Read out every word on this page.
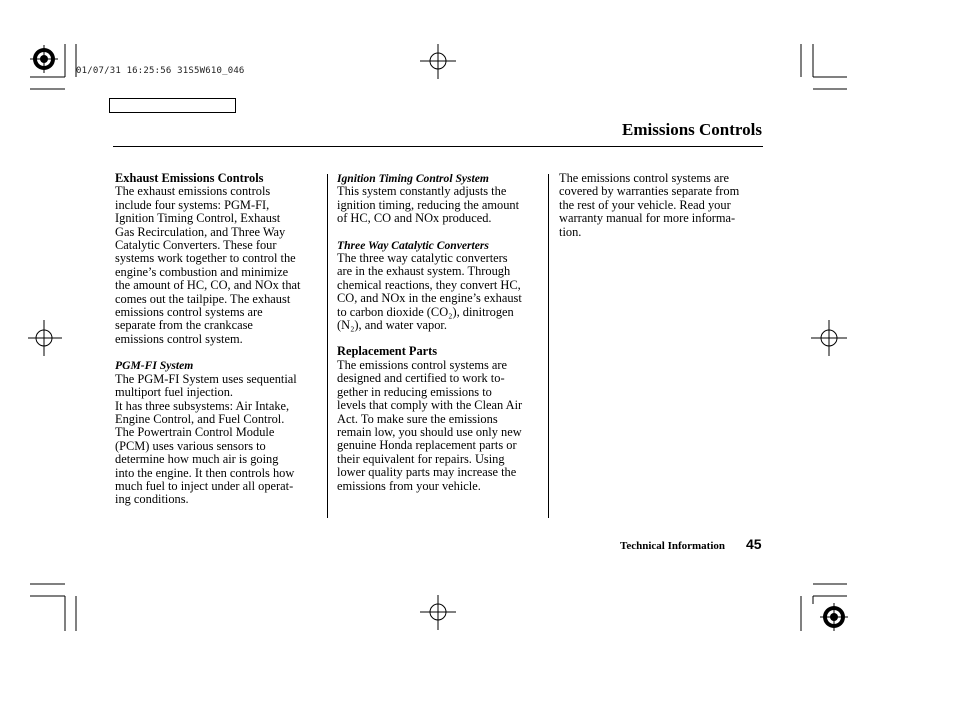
01/07/31 16:25:56 31S5W610_046
Emissions Controls

Exhaust Emissions Controls

The exhaust emissions controls
include four systems: PGM-FI,
Ignition Timing Control, Exhaust
Gas Recirculation, and Three Way
Catalytic Converters. These four
systems work together to control the
engine’s combustion and minimize
the amount of HC, CO, and NOx that
comes out the tailpipe. The exhaust
emissions control systems are
separate from the crankcase
emissions control system.

PGM-FI System

The PGM-FI System uses sequential
multiport fuel injection.
It has three subsystems: Air Intake,
Engine Control, and Fuel Control.
The Powertrain Control Module
(PCM) uses various sensors to
determine how much air is going
into the engine. It then controls how
much fuel to inject under all operat-
ing conditions.

Ignition Timing Control System

This system constantly adjusts the
ignition timing, reducing the amount
of HC, CO and NOx produced.

Three Way Catalytic Converters

The three way catalytic converters
are in the exhaust system. Through
chemical reactions, they convert HC,
CO, and NOx in the engine’s exhaust
to carbon dioxide (CO₂), dinitrogen
(N₂), and water vapor.

Replacement Parts

The emissions control systems are
designed and certified to work to-
gether in reducing emissions to
levels that comply with the Clean Air
Act. To make sure the emissions
remain low, you should use only new
genuine Honda replacement parts or
their equivalent for repairs. Using
lower quality parts may increase the
emissions from your vehicle.

The emissions control systems are
covered by warranties separate from
the rest of your vehicle. Read your
warranty manual for more informa-
tion.

Technical Information 45
